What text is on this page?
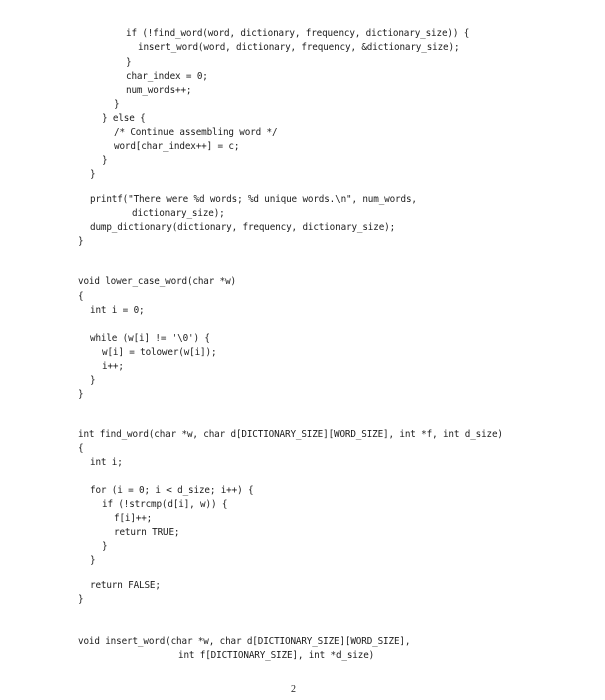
if (!find_word(word, dictionary, frequency, dictionary_size)) {
insert_word(word, dictionary, frequency, &dictionary_size);
}
char_index = 0;
num_words++;
}
} else {
/* Continue assembling word */
word[char_index++] = c;
}
}
printf("There were %d words; %d unique words.\n", num_words,
dictionary_size);
dump_dictionary(dictionary, frequency, dictionary_size);
}
void lower_case_word(char *w)
{
int i = 0;
while (w[i] != '\0') {
w[i] = tolower(w[i]);
i++;
}
}
int find_word(char *w, char d[DICTIONARY_SIZE][WORD_SIZE], int *f, int d_size)
{
int i;
for (i = 0; i < d_size; i++) {
if (!strcmp(d[i], w)) {
f[i]++;
return TRUE;
}
}
return FALSE;
}
void insert_word(char *w, char d[DICTIONARY_SIZE][WORD_SIZE],
int f[DICTIONARY_SIZE], int *d_size)
2
